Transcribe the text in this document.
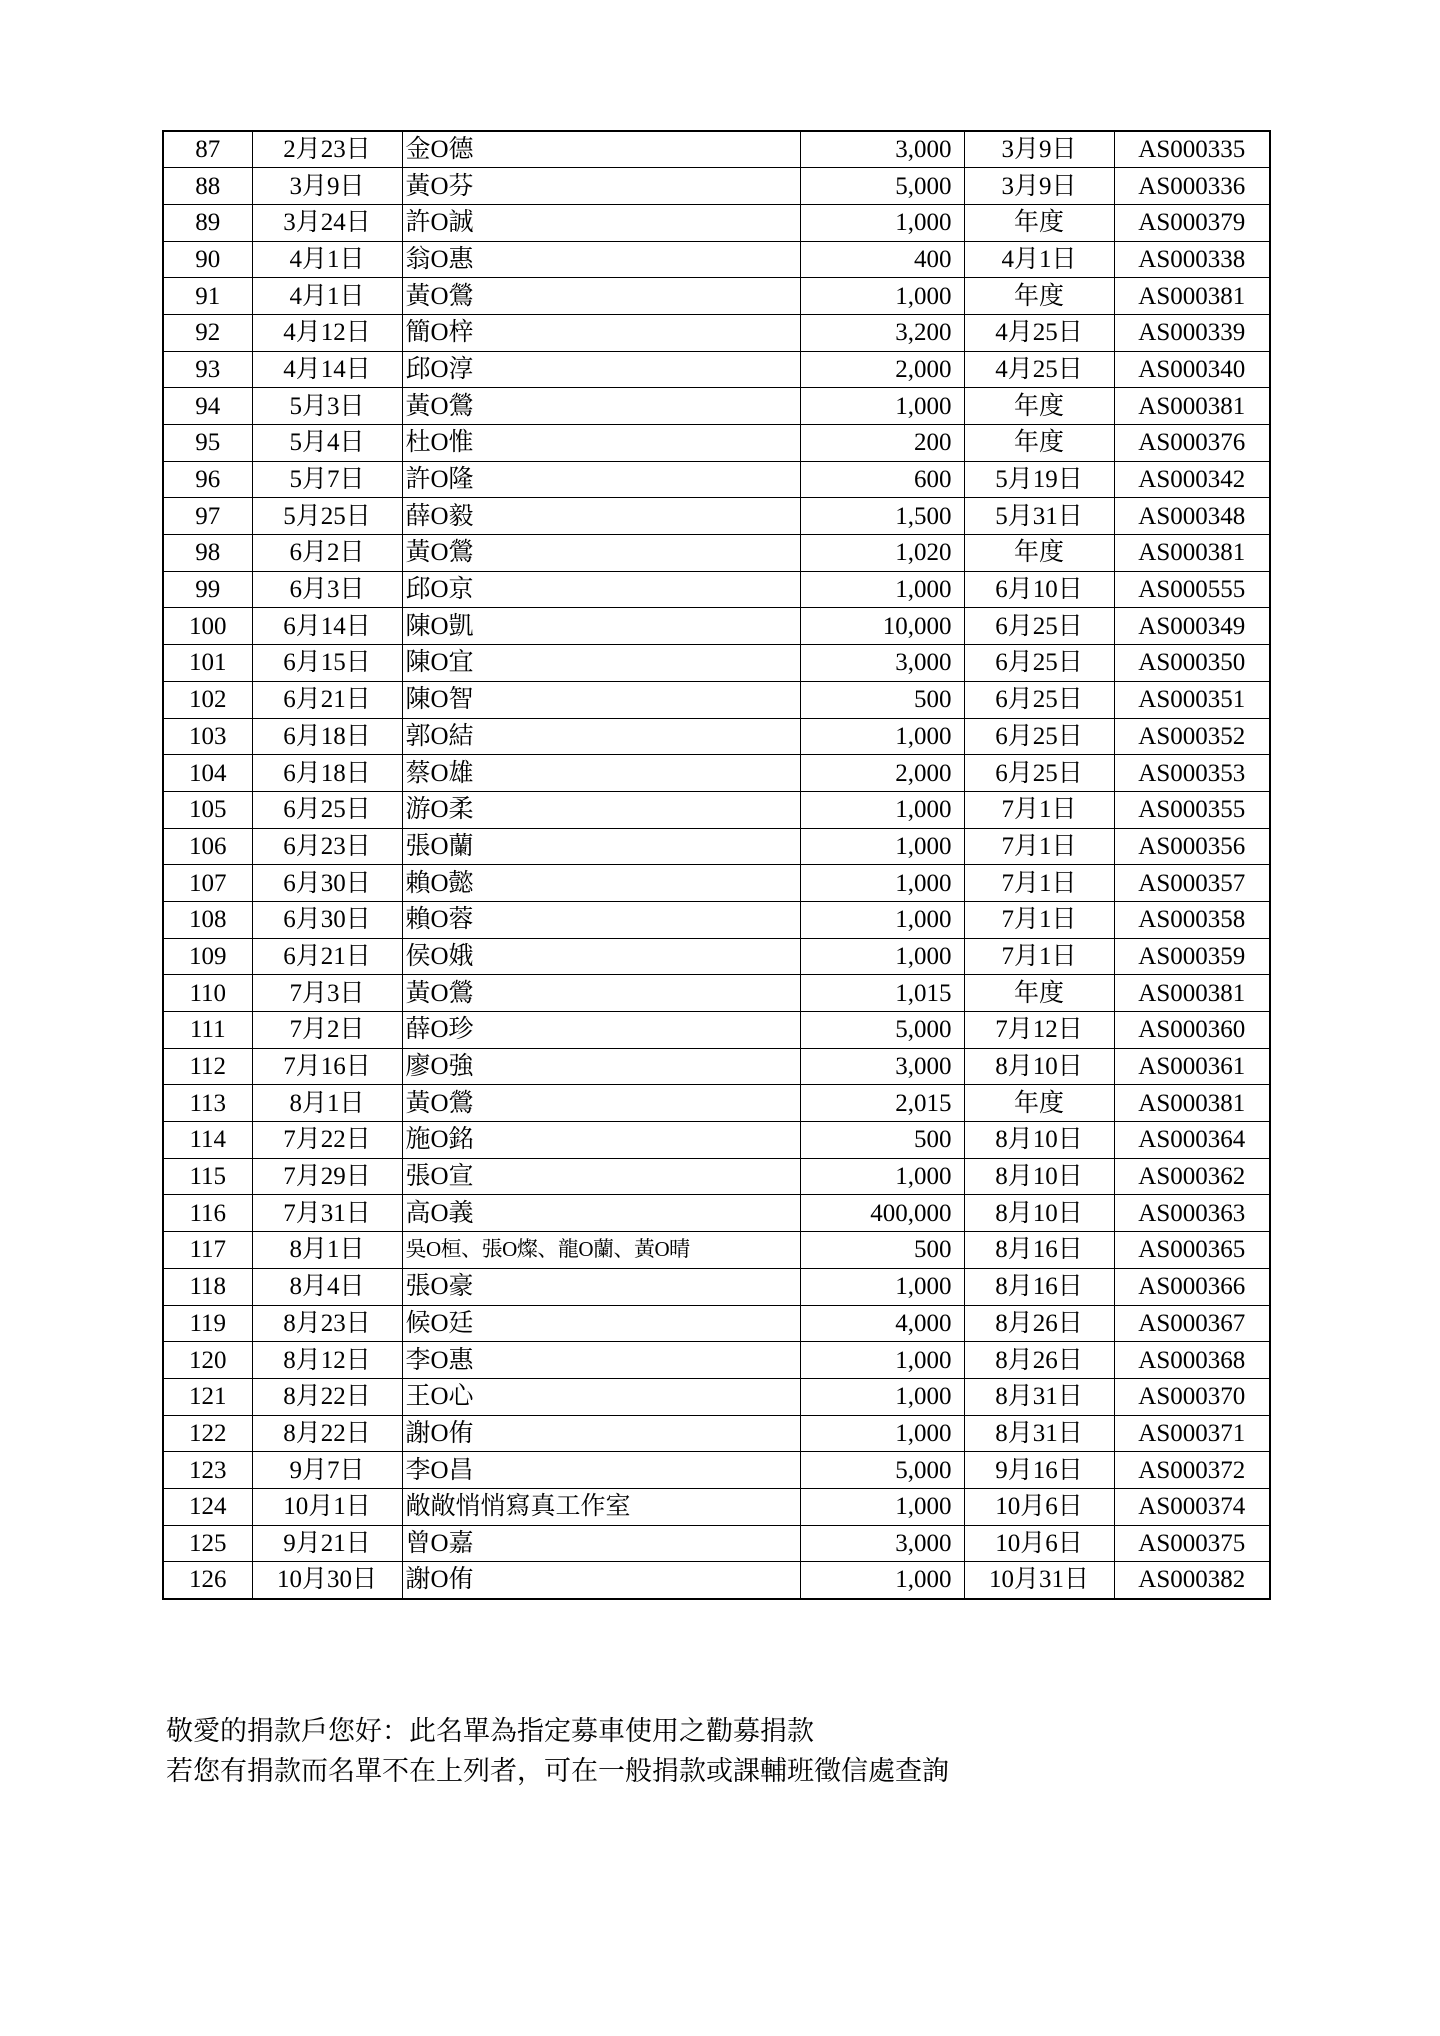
87	2月23日	金O德	3,000	3月9日	AS000335
88	3月9日	黃O芬	5,000	3月9日	AS000336
89	3月24日	許O誠	1,000	年度	AS000379
90	4月1日	翁O惠	400	4月1日	AS000338
91	4月1日	黃O鶯	1,000	年度	AS000381
92	4月12日	簡O梓	3,200	4月25日	AS000339
93	4月14日	邱O淳	2,000	4月25日	AS000340
94	5月3日	黃O鶯	1,000	年度	AS000381
95	5月4日	杜O惟	200	年度	AS000376
96	5月7日	許O隆	600	5月19日	AS000342
97	5月25日	薛O毅	1,500	5月31日	AS000348
98	6月2日	黃O鶯	1,020	年度	AS000381
99	6月3日	邱O京	1,000	6月10日	AS000555
100	6月14日	陳O凱	10,000	6月25日	AS000349
101	6月15日	陳O宜	3,000	6月25日	AS000350
102	6月21日	陳O智	500	6月25日	AS000351
103	6月18日	郭O結	1,000	6月25日	AS000352
104	6月18日	蔡O雄	2,000	6月25日	AS000353
105	6月25日	游O柔	1,000	7月1日	AS000355
106	6月23日	張O蘭	1,000	7月1日	AS000356
107	6月30日	賴O懿	1,000	7月1日	AS000357
108	6月30日	賴O蓉	1,000	7月1日	AS000358
109	6月21日	侯O娥	1,000	7月1日	AS000359
110	7月3日	黃O鶯	1,015	年度	AS000381
111	7月2日	薛O珍	5,000	7月12日	AS000360
112	7月16日	廖O強	3,000	8月10日	AS000361
113	8月1日	黃O鶯	2,015	年度	AS000381
114	7月22日	施O銘	500	8月10日	AS000364
115	7月29日	張O宣	1,000	8月10日	AS000362
116	7月31日	高O義	400,000	8月10日	AS000363
117	8月1日	吳O桓、張O燦、龍O蘭、黃O晴	500	8月16日	AS000365
118	8月4日	張O豪	1,000	8月16日	AS000366
119	8月23日	候O廷	4,000	8月26日	AS000367
120	8月12日	李O惠	1,000	8月26日	AS000368
121	8月22日	王O心	1,000	8月31日	AS000370
122	8月22日	謝O侑	1,000	8月31日	AS000371
123	9月7日	李O昌	5,000	9月16日	AS000372
124	10月1日	敞敞悄悄寫真工作室	1,000	10月6日	AS000374
125	9月21日	曾O嘉	3,000	10月6日	AS000375
126	10月30日	謝O侑	1,000	10月31日	AS000382

敬愛的捐款戶您好：此名單為指定募車使用之勸募捐款

若您有捐款而名單不在上列者，可在一般捐款或課輔班徵信處查詢
